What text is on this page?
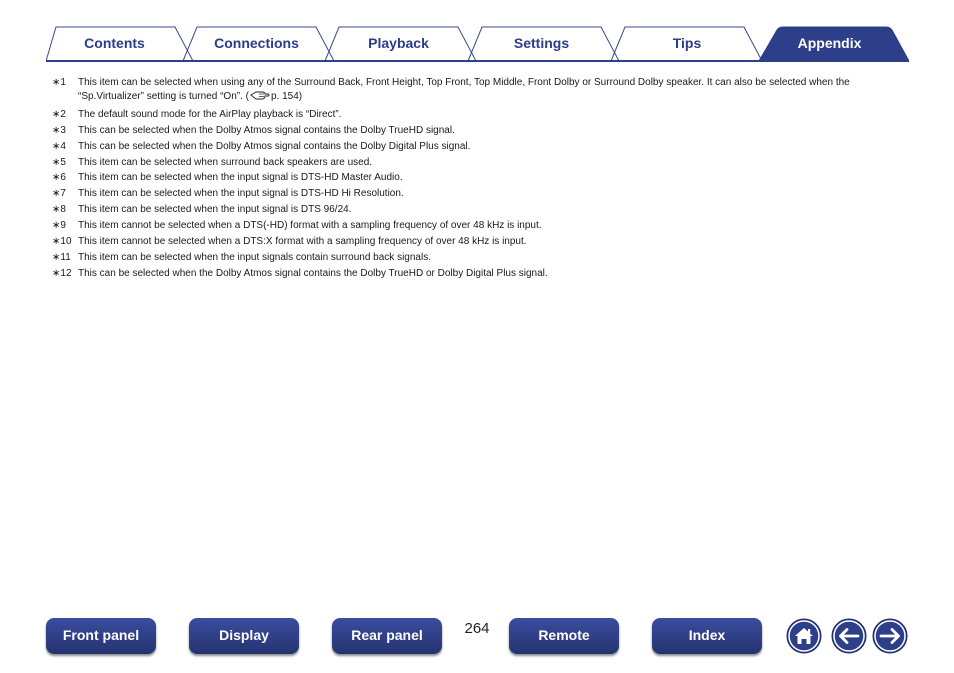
Contents	Connections	Playback	Settings	Tips	Appendix
∗1	This item can be selected when using any of the Surround Back, Front Height, Top Front, Top Middle, Front Dolby or Surround Dolby speaker. It can also be selected when the “Sp.Virtualizer” setting is turned “On”. ( p. 154)
∗2	The default sound mode for the AirPlay playback is “Direct”.
∗3	This can be selected when the Dolby Atmos signal contains the Dolby TrueHD signal.
∗4	This can be selected when the Dolby Atmos signal contains the Dolby Digital Plus signal.
∗5	This item can be selected when surround back speakers are used.
∗6	This item can be selected when the input signal is DTS-HD Master Audio.
∗7	This item can be selected when the input signal is DTS-HD Hi Resolution.
∗8	This item can be selected when the input signal is DTS 96/24.
∗9	This item cannot be selected when a DTS(-HD) format with a sampling frequency of over 48 kHz is input.
∗10 This item cannot be selected when a DTS:X format with a sampling frequency of over 48 kHz is input.
∗11 This item can be selected when the input signals contain surround back signals.
∗12 This can be selected when the Dolby Atmos signal contains the Dolby TrueHD or Dolby Digital Plus signal.
Front panel	Display	Rear panel	264	Remote	Index
